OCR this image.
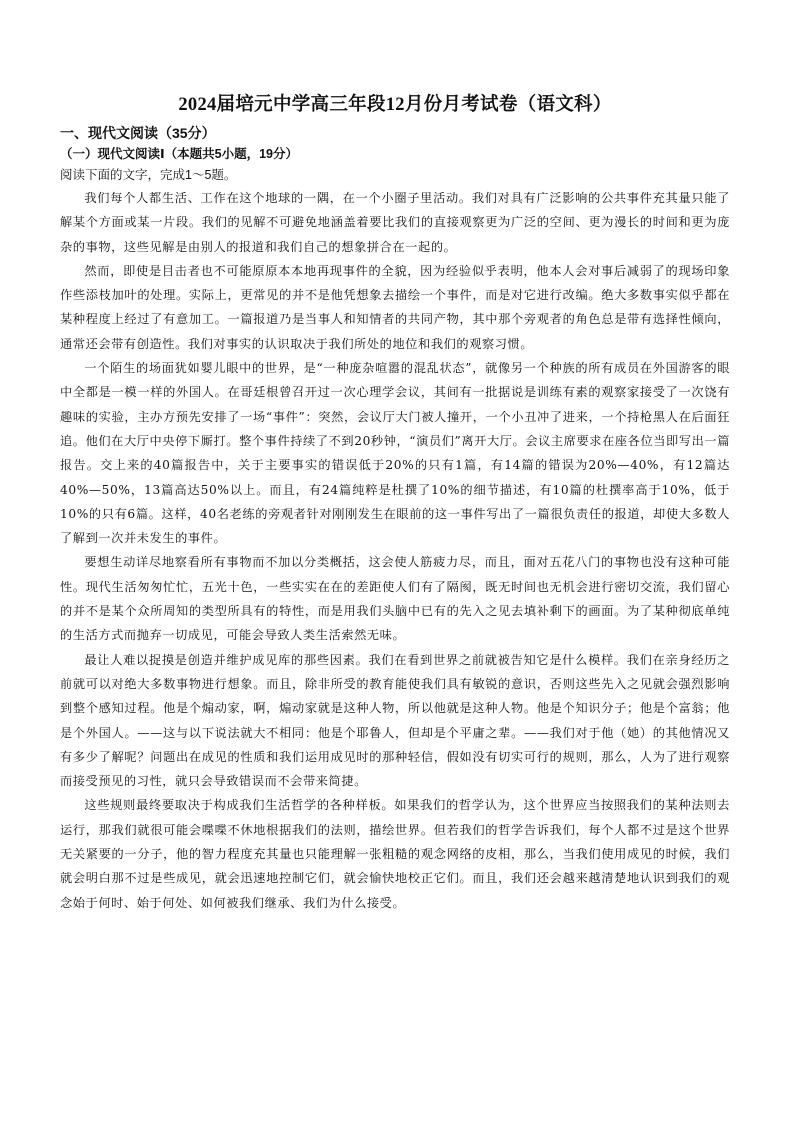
2024届培元中学高三年段12月份月考试卷（语文科）

一、现代文阅读（35分）

（一）现代文阅读Ⅰ（本题共5小题，19分）

阅读下面的文字，完成1～5题。

我们每个人都生活、工作在这个地球的一隅，在一个小圈子里活动。我们对具有广泛影响的公共事件充其量只能了解某个方面或某一片段。我们的见解不可避免地涵盖着要比我们的直接观察更为广泛的空间、更为漫长的时间和更为庞杂的事物，这些见解是由别人的报道和我们自己的想象拼合在一起的。

然而，即使是目击者也不可能原原本本地再现事件的全貌，因为经验似乎表明，他本人会对事后减弱了的现场印象作些添枝加叶的处理。实际上，更常见的并不是他凭想象去描绘一个事件，而是对它进行改编。绝大多数事实似乎都在某种程度上经过了有意加工。一篇报道乃是当事人和知情者的共同产物，其中那个旁观者的角色总是带有选择性倾向，通常还会带有创造性。我们对事实的认识取决于我们所处的地位和我们的观察习惯。

一个陌生的场面犹如婴儿眼中的世界，是“一种庞杂喧嚣的混乱状态”，就像另一个种族的所有成员在外国游客的眼中全都是一模一样的外国人。在哥廷根曾召开过一次心理学会议，其间有一批据说是训练有素的观察家接受了一次饶有趣味的实验，主办方预先安排了一场“事件”：突然，会议厅大门被人撞开，一个小丑冲了进来，一个持枪黑人在后面狂追。他们在大厅中央停下厮打。整个事件持续了不到20秒钟，“演员们”离开大厅。会议主席要求在座各位当即写出一篇报告。交上来的40篇报告中，关于主要事实的错误低于20%的只有1篇，有14篇的错误为20%—40%，有12篇达40%—50%，13篇高达50%以上。而且，有24篇纯粹是杜撰了10%的细节描述，有10篇的杜撰率高于10%，低于10%的只有6篇。这样，40名老练的旁观者针对刚刚发生在眼前的这一事件写出了一篇很负责任的报道，却使大多数人了解到一次并未发生的事件。

要想生动详尽地察看所有事物而不加以分类概括，这会使人筋疲力尽，而且，面对五花八门的事物也没有这种可能性。现代生活匆匆忙忙，五光十色，一些实实在在的差距使人们有了隔阂，既无时间也无机会进行密切交流，我们留心的并不是某个众所周知的类型所具有的特性，而是用我们头脑中已有的先入之见去填补剩下的画面。为了某种彻底单纯的生活方式而抛弃一切成见，可能会导致人类生活索然无味。

最让人难以捉摸是创造并维护成见库的那些因素。我们在看到世界之前就被告知它是什么模样。我们在亲身经历之前就可以对绝大多数事物进行想象。而且，除非所受的教育能使我们具有敏锐的意识，否则这些先入之见就会强烈影响到整个感知过程。他是个煽动家，啊，煽动家就是这种人物，所以他就是这种人物。他是个知识分子；他是个富翁；他是个外国人。——这与以下说法就大不相同：他是个耶鲁人，但却是个平庸之辈。——我们对于他（她）的其他情况又有多少了解呢？问题出在成见的性质和我们运用成见时的那种轻信，假如没有切实可行的规则，那么，人为了进行观察而接受预见的习性，就只会导致错误而不会带来简捷。

这些规则最终要取决于构成我们生活哲学的各种样板。如果我们的哲学认为，这个世界应当按照我们的某种法则去运行，那我们就很可能会喋喋不休地根据我们的法则，描绘世界。但若我们的哲学告诉我们，每个人都不过是这个世界无关紧要的一分子，他的智力程度充其量也只能理解一张粗糙的观念网络的皮相，那么，当我们使用成见的时候，我们就会明白那不过是些成见，就会迅速地控制它们，就会愉快地校正它们。而且，我们还会越来越清楚地认识到我们的观念始于何时、始于何处、如何被我们继承、我们为什么接受。
